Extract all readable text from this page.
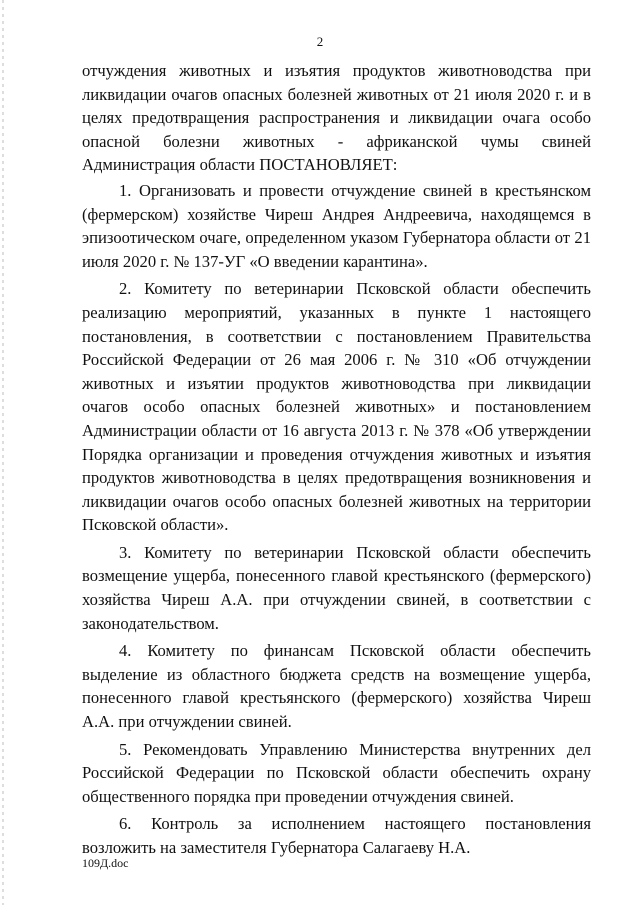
2

отчуждения животных и изъятия продуктов животноводства при ликвидации очагов опасных болезней животных от 21 июля 2020 г. и в целях предотвращения распространения и ликвидации очага особо опасной болезни животных - африканской чумы свиней Администрация области ПОСТАНОВЛЯЕТ:

1. Организовать и провести отчуждение свиней в крестьянском (фермерском) хозяйстве Чиреш Андрея Андреевича, находящемся в эпизоотическом очаге, определенном указом Губернатора области от 21 июля 2020 г. № 137-УГ «О введении карантина».

2. Комитету по ветеринарии Псковской области обеспечить реализацию мероприятий, указанных в пункте 1 настоящего постановления, в соответствии с постановлением Правительства Российской Федерации от 26 мая 2006 г. № 310 «Об отчуждении животных и изъятии продуктов животноводства при ликвидации очагов особо опасных болезней животных» и постановлением Администрации области от 16 августа 2013 г. № 378 «Об утверждении Порядка организации и проведения отчуждения животных и изъятия продуктов животноводства в целях предотвращения возникновения и ликвидации очагов особо опасных болезней животных на территории Псковской области».

3. Комитету по ветеринарии Псковской области обеспечить возмещение ущерба, понесенного главой крестьянского (фермерского) хозяйства Чиреш А.А. при отчуждении свиней, в соответствии с законодательством.

4. Комитету по финансам Псковской области обеспечить выделение из областного бюджета средств на возмещение ущерба, понесенного главой крестьянского (фермерского) хозяйства Чиреш А.А. при отчуждении свиней.

5. Рекомендовать Управлению Министерства внутренних дел Российской Федерации по Псковской области обеспечить охрану общественного порядка при проведении отчуждения свиней.

6. Контроль за исполнением настоящего постановления возложить на заместителя Губернатора Салагаеву Н.А.

109Д.doc
